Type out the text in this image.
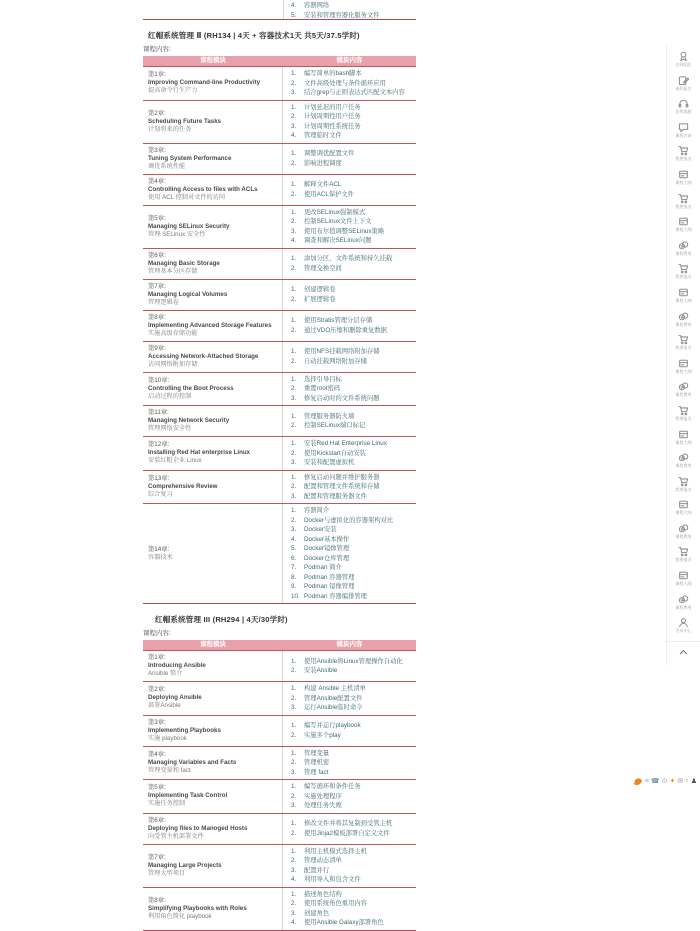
4.	容器网络
5.	安装和管理容器化服务文件
红帽系统管理 Ⅱ (RH134 | 4天 + 容器技术1天 共5天/37.5学时)
课程内容:
课程模块	模块内容
第1章:
Improving Command-line Productivity
提高命令行生产力
1.	编写简单的bash脚本
2.	文件高级处理与条件循环应用
3.	结合grep与正则表达式匹配文本内容
第2章:
Scheduling Future Tasks
计划将来的任务
1.	计划延迟的用户任务
2.	计划周期性用户任务
3.	计划周期性系统任务
4.	管理临时文件
第3章:
Tuning System Performance
调优系统性能
1.	调整调优配置文件
2.	影响进程调度
第4章:
Controlling Access to files with ACLs
使用 ACL 控制对文件的访问
1.	解释文件ACL
2.	使用ACL保护文件
第5章:
Managing SELinux Security
管理 SELinux 安全性
1.	更改SELinux强制模式
2.	控制SELinux文件上下文
3.	使用布尔值调整SELinux策略
4.	调查和解决SELinux问题
第6章:
Managing Basic Storage
管理基本分区存储
1.	添加分区、文件系统和持久挂载
2.	管理交换空间
第7章:
Managing Logical Volumes
管理逻辑卷
1.	创建逻辑卷
2.	扩展逻辑卷
第8章:
Implementing Advanced Storage Features
实施高级存储功能
1.	使用Stratis管理分层存储
2.	通过VDO压缩和删除重复数据
第9章:
Accessing Network-Attached Storage
访问网络附加存储
1.	使用NFS挂载网络附加存储
2.	自动挂载网络附加存储
第10章:
Controlling the Boot Process
启动过程的控制
1.	选择引导目标
2.	重置root密码
3.	修复启动时的文件系统问题
第11章:
Managing Network Security
管理网络安全性
1.	管理服务器防火墙
2.	控制SELinux端口标记
第12章:
Installing Red Hat enterprise Linux
安装红帽企业 Linux
1.	安装Red Hat Enterprise Linux
2.	使用Kickstart自动安装
3.	安装和配置虚拟机
第13章:
Comprehensive Review
综合复习
1.	修复启动问题并维护服务器
2.	配置和管理文件系统和存储
3.	配置和管理服务器文件
第14章:
容器技术
1.	容器简介
2.	Docker与虚拟化的容器架构对比
3.	Docker安装
4.	Docker基本操作
5.	Docker镜像管理
6.	Docker仓库管理
7.	Podman 简介
8.	Podman 容器管理
9.	Podman 镜像管理
10. Podman 容器编排管理
红帽系统管理 III (RH294 | 4天/30学时)
课程内容:
课程模块	模块内容
第1章:
Introducing Ansible
Ansible 简介
1.	使用Ansible将Linux管理操作自动化
2.	安装Ansible
第2章:
Deploying Ansible
部署Ansible
1.	构建 Ansible 主机清单
2.	管理Ansible配置文件
3.	运行Ansible临时命令
第3章:
Implementing Playbooks
实施 playbook
1.	编写并运行playbook
2.	实施多个play
第4章:
Managing Variables and Facts
管理变量和 fact
1.	管理变量
2.	管理机密
3.	管理 fact
第5章:
Implementing Task Control
实施任务控制
1.	编写循环和条件任务
2.	实施处理程序
3.	处理任务失败
第6章:
Deploying files to Manoged Hosts
向受管主机部署文件
1.	修改文件并将其复制到受管主机
2.	使用Jinja2模板部署自定义文件
第7章:
Managing Large Projects
管理大型项目
1.	利用主机模式选择主机
2.	管理动态清单
3.	配置并行
4.	利用导入和包含文件
第8章:
Simplifying Playbooks with Roles
利用角色简化 playbook
1.	描述角色结构
2.	使用系统角色重用内容
3.	创建角色
4.	使用Ansible Galaxy部署角色
名师团队
预约报名
在线客服
课程咨询
我要报名
课程大纲
我要报名
课程大纲
课程费用
我要报名
课程大纲
课程费用
我要报名
课程大纲
课程费用
我要报名
课程大纲
课程费用
我要报名
课程大纲
课程费用
我要报名
课程大纲
课程费用
会员中心
≡ ☎ ⊙ ✦ ✉ ↑ ♟
